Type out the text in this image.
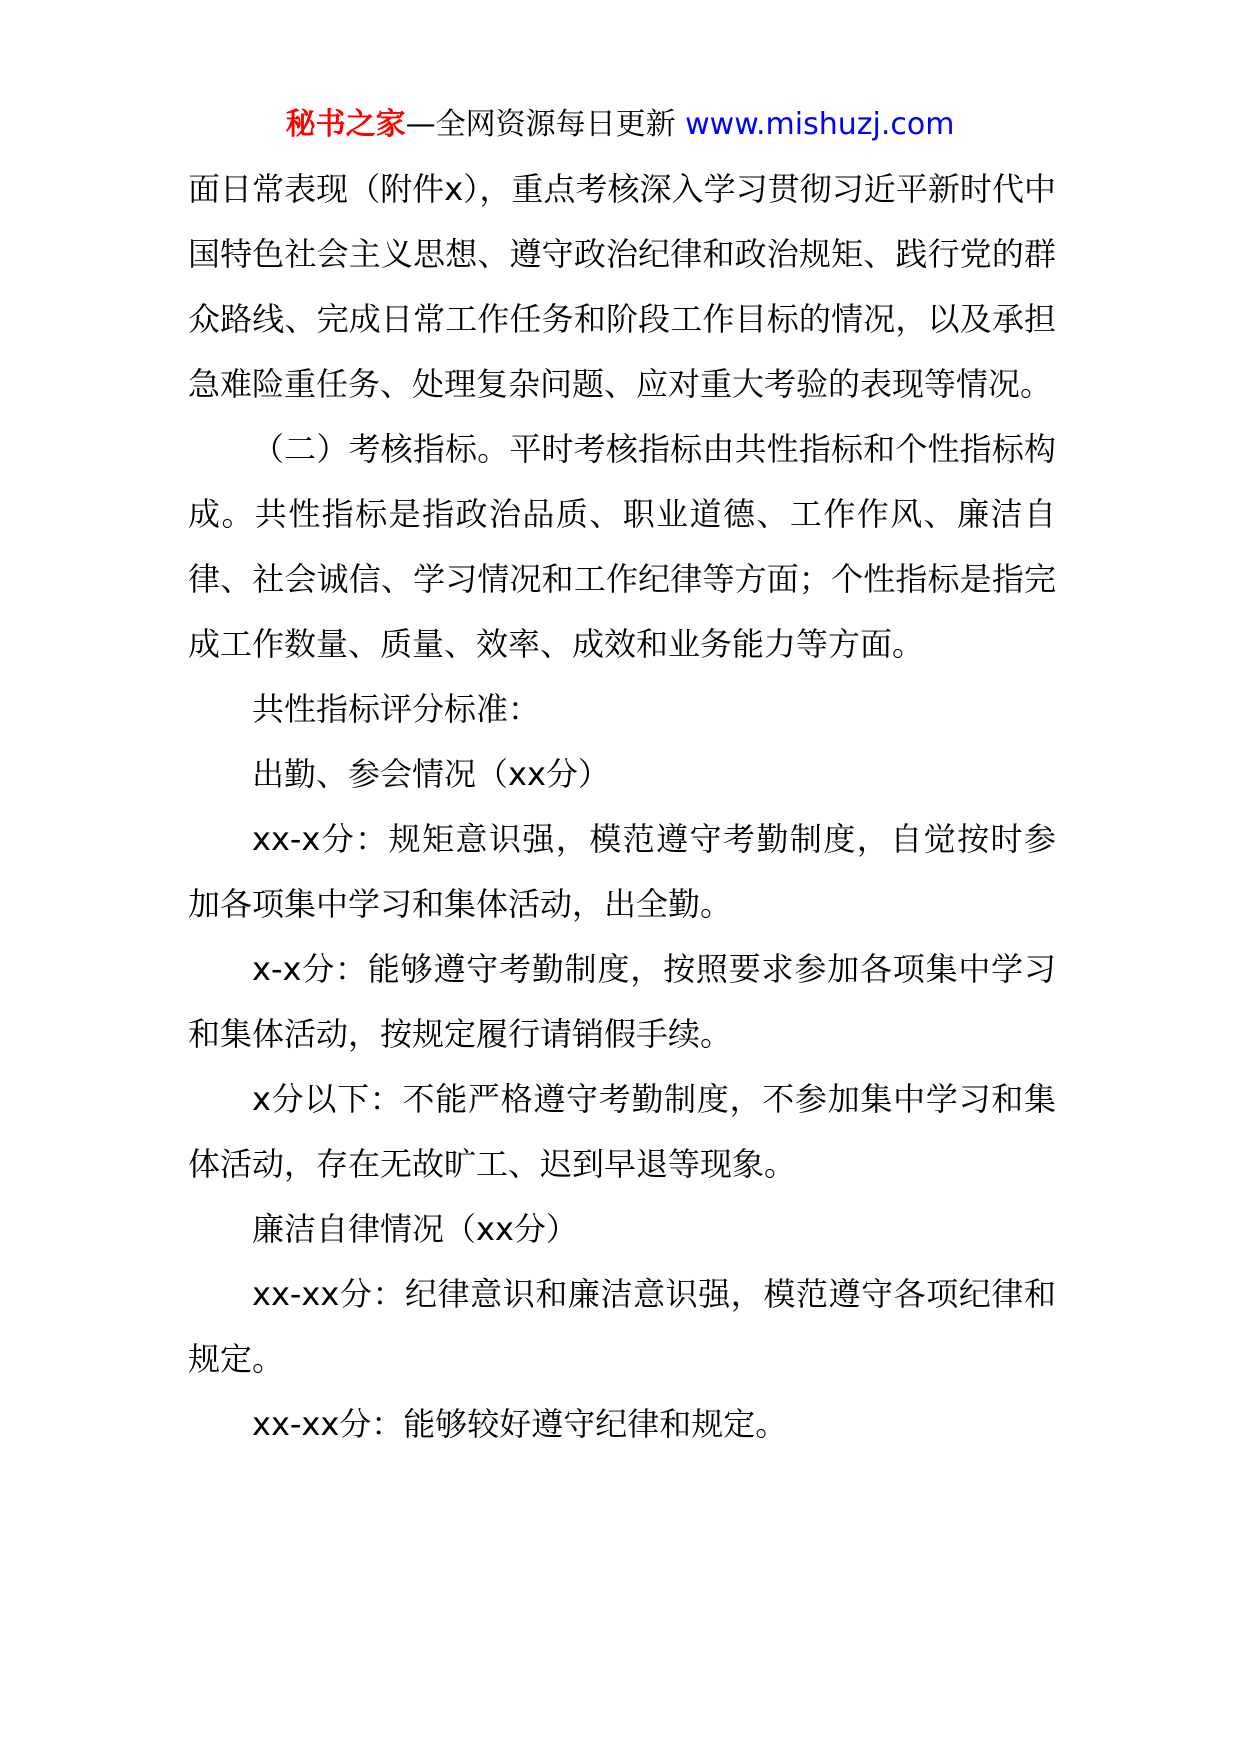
秘书之家—全网资源每日更新 www.mishuzj.com

面日常表现（附件x），重点考核深入学习贯彻习近平新时代中国特色社会主义思想、遵守政治纪律和政治规矩、践行党的群众路线、完成日常工作任务和阶段工作目标的情况，以及承担急难险重任务、处理复杂问题、应对重大考验的表现等情况。

（二）考核指标。平时考核指标由共性指标和个性指标构成。共性指标是指政治品质、职业道德、工作作风、廉洁自律、社会诚信、学习情况和工作纪律等方面；个性指标是指完成工作数量、质量、效率、成效和业务能力等方面。

共性指标评分标准：

出勤、参会情况（xx分）

xx-x分：规矩意识强，模范遵守考勤制度，自觉按时参加各项集中学习和集体活动，出全勤。

x-x分：能够遵守考勤制度，按照要求参加各项集中学习和集体活动，按规定履行请销假手续。

x分以下：不能严格遵守考勤制度，不参加集中学习和集体活动，存在无故旷工、迟到早退等现象。

廉洁自律情况（xx分）

xx-xx分：纪律意识和廉洁意识强，模范遵守各项纪律和规定。

xx-xx分：能够较好遵守纪律和规定。
